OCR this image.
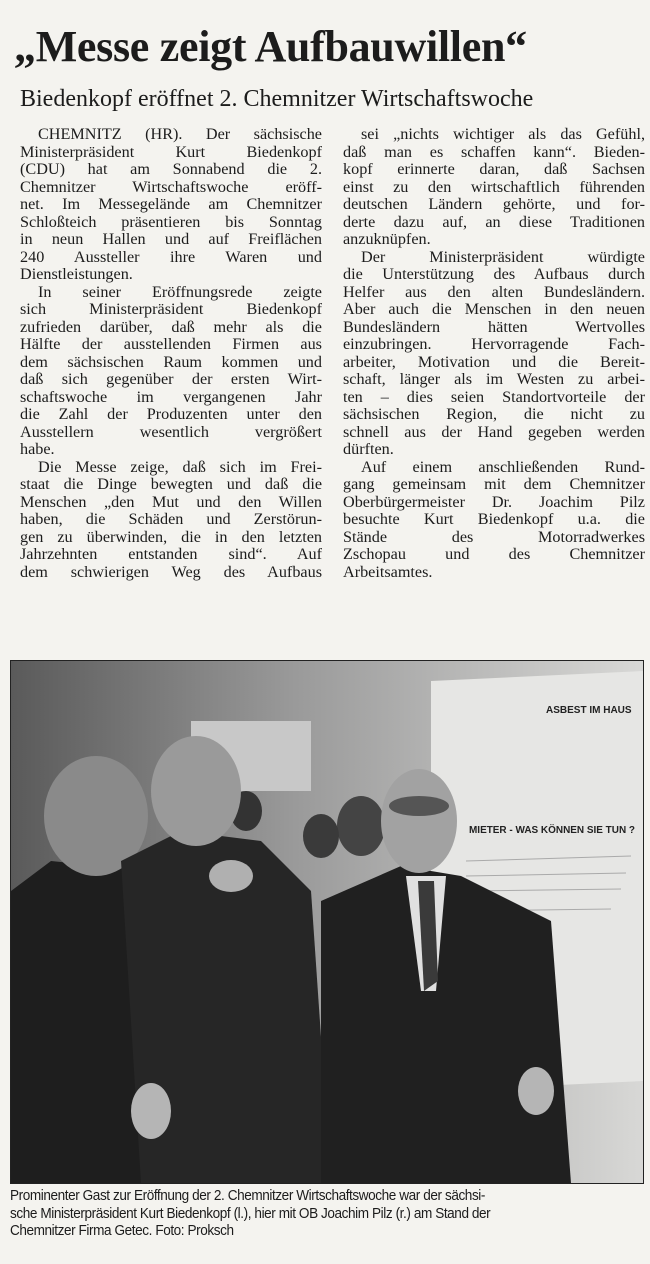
„Messe zeigt Aufbauwillen“
Biedenkopf eröffnet 2. Chemnitzer Wirtschaftswoche
CHEMNITZ (HR). Der sächsische
Ministerpräsident Kurt Biedenkopf
(CDU) hat am Sonnabend die 2.
Chemnitzer Wirtschaftswoche eröff-
net. Im Messegelände am Chemnitzer
Schloßteich präsentieren bis Sonntag
in neun Hallen und auf Freiflächen
240 Aussteller ihre Waren und
Dienstleistungen.
In seiner Eröffnungsrede zeigte
sich Ministerpräsident Biedenkopf
zufrieden darüber, daß mehr als die
Hälfte der ausstellenden Firmen aus
dem sächsischen Raum kommen und
daß sich gegenüber der ersten Wirt-
schaftswoche im vergangenen Jahr
die Zahl der Produzenten unter den
Ausstellern wesentlich vergrößert
habe.
Die Messe zeige, daß sich im Frei-
staat die Dinge bewegten und daß die
Menschen „den Mut und den Willen
haben, die Schäden und Zerstörun-
gen zu überwinden, die in den letzten
Jahrzehnten entstanden sind“. Auf
dem schwierigen Weg des Aufbaus
sei „nichts wichtiger als das Gefühl,
daß man es schaffen kann“. Bieden-
kopf erinnerte daran, daß Sachsen
einst zu den wirtschaftlich führenden
deutschen Ländern gehörte, und for-
derte dazu auf, an diese Traditionen
anzuknüpfen.
Der Ministerpräsident würdigte
die Unterstützung des Aufbaus durch
Helfer aus den alten Bundesländern.
Aber auch die Menschen in den neuen
Bundesländern hätten Wertvolles
einzubringen. Hervorragende Fach-
arbeiter, Motivation und die Bereit-
schaft, länger als im Westen zu arbei-
ten – dies seien Standortvorteile der
sächsischen Region, die nicht zu
schnell aus der Hand gegeben werden
dürften.
Auf einem anschließenden Rund-
gang gemeinsam mit dem Chemnitzer
Oberbürgermeister Dr. Joachim Pilz
besuchte Kurt Biedenkopf u.a. die
Stände des Motorradwerkes
Zschopau und des Chemnitzer
Arbeitsamtes.
ASBEST IM HAUS
MIETER - WAS KÖNNEN SIE TUN ?
Prominenter Gast zur Eröffnung der 2. Chemnitzer Wirtschaftswoche war der sächsi-
sche Ministerpräsident Kurt Biedenkopf (l.), hier mit OB Joachim Pilz (r.) am Stand der
Chemnitzer Firma Getec. Foto: Proksch
